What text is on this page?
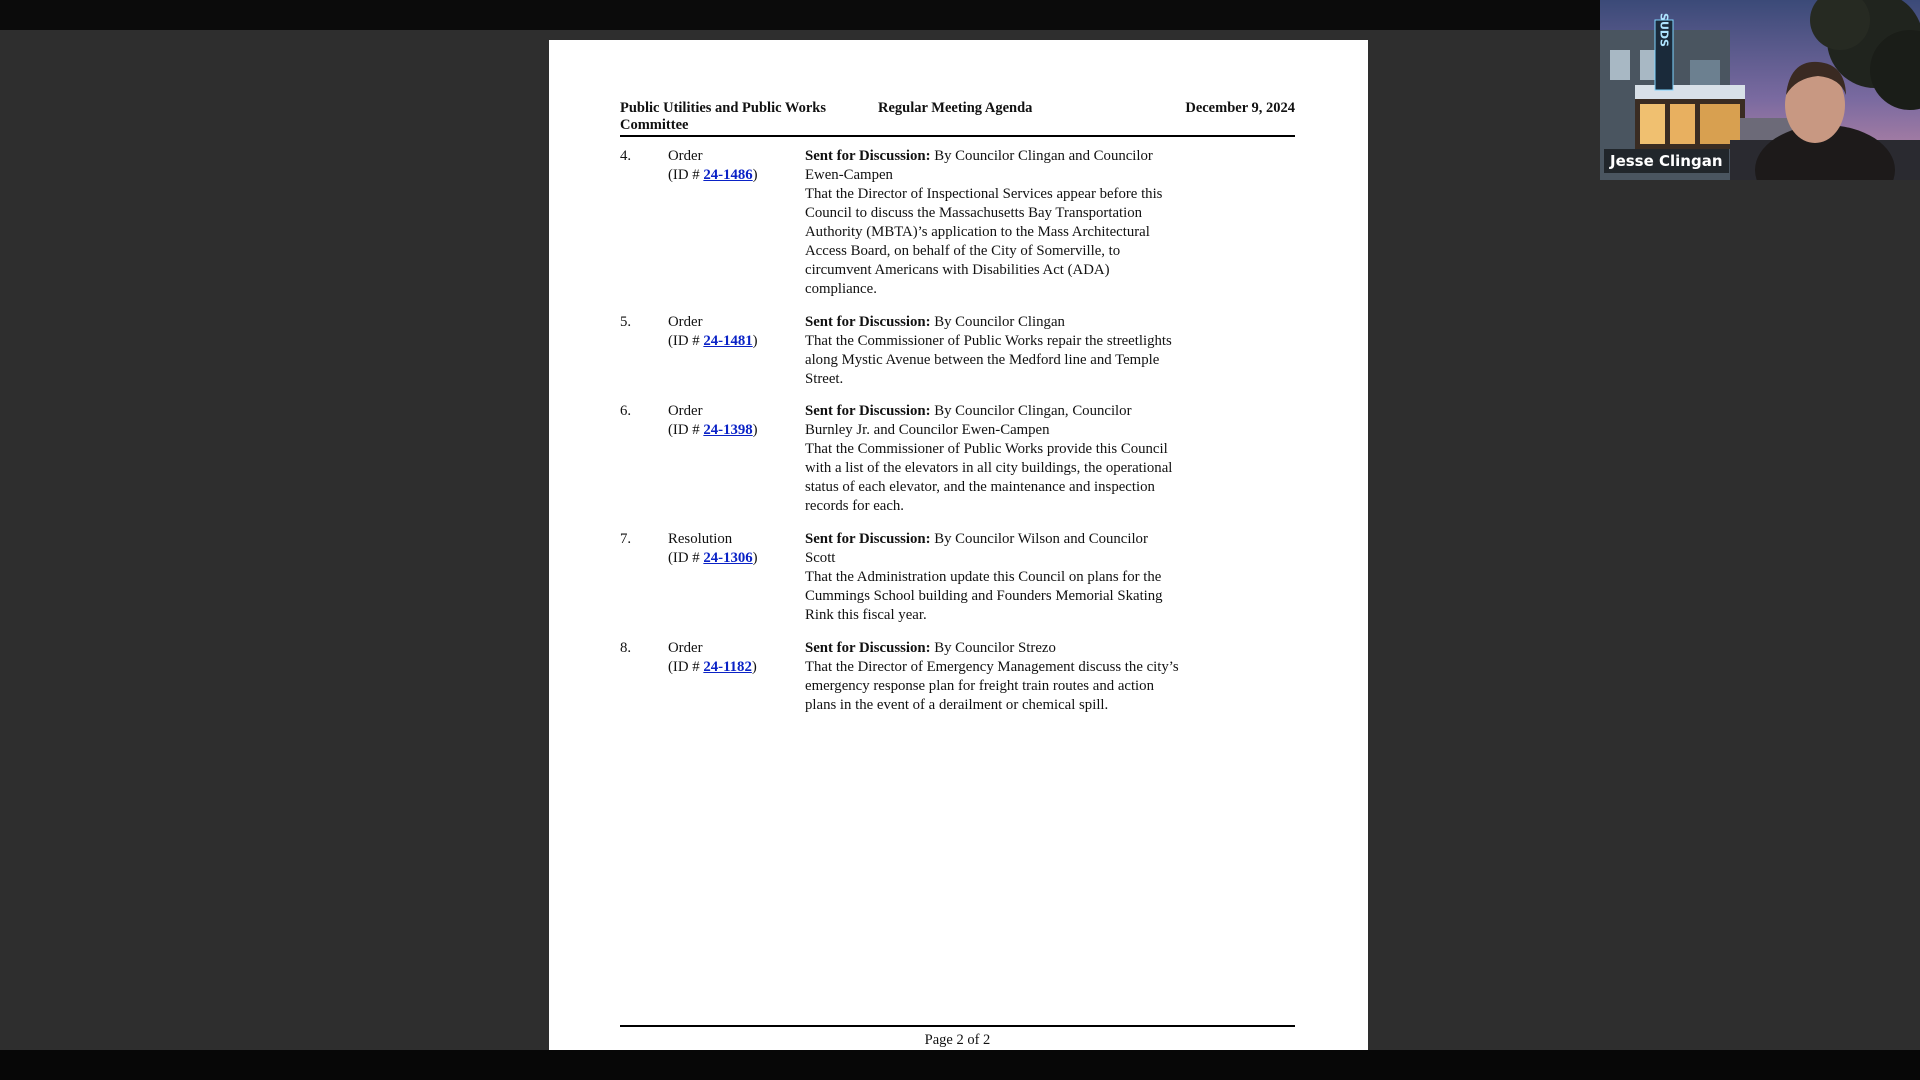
Public Utilities and Public Works Committee
Regular Meeting Agenda	December 9, 2024
4. Order
(ID # 24-1486)
Sent for Discussion: By Councilor Clingan and Councilor Ewen-Campen
That the Director of Inspectional Services appear before this Council to discuss the Massachusetts Bay Transportation Authority (MBTA)’s application to the Mass Architectural Access Board, on behalf of the City of Somerville, to circumvent Americans with Disabilities Act (ADA) compliance.
5. Order
(ID # 24-1481)
Sent for Discussion: By Councilor Clingan
That the Commissioner of Public Works repair the streetlights along Mystic Avenue between the Medford line and Temple Street.
6. Order
(ID # 24-1398)
Sent for Discussion: By Councilor Clingan, Councilor Burnley Jr. and Councilor Ewen-Campen
That the Commissioner of Public Works provide this Council with a list of the elevators in all city buildings, the operational status of each elevator, and the maintenance and inspection records for each.
7. Resolution
(ID # 24-1306)
Sent for Discussion: By Councilor Wilson and Councilor Scott
That the Administration update this Council on plans for the Cummings School building and Founders Memorial Skating Rink this fiscal year.
8. Order
(ID # 24-1182)
Sent for Discussion: By Councilor Strezo
That the Director of Emergency Management discuss the city’s emergency response plan for freight train routes and action plans in the event of a derailment or chemical spill.
Page 2 of 2
SUDS
Jesse Clingan
